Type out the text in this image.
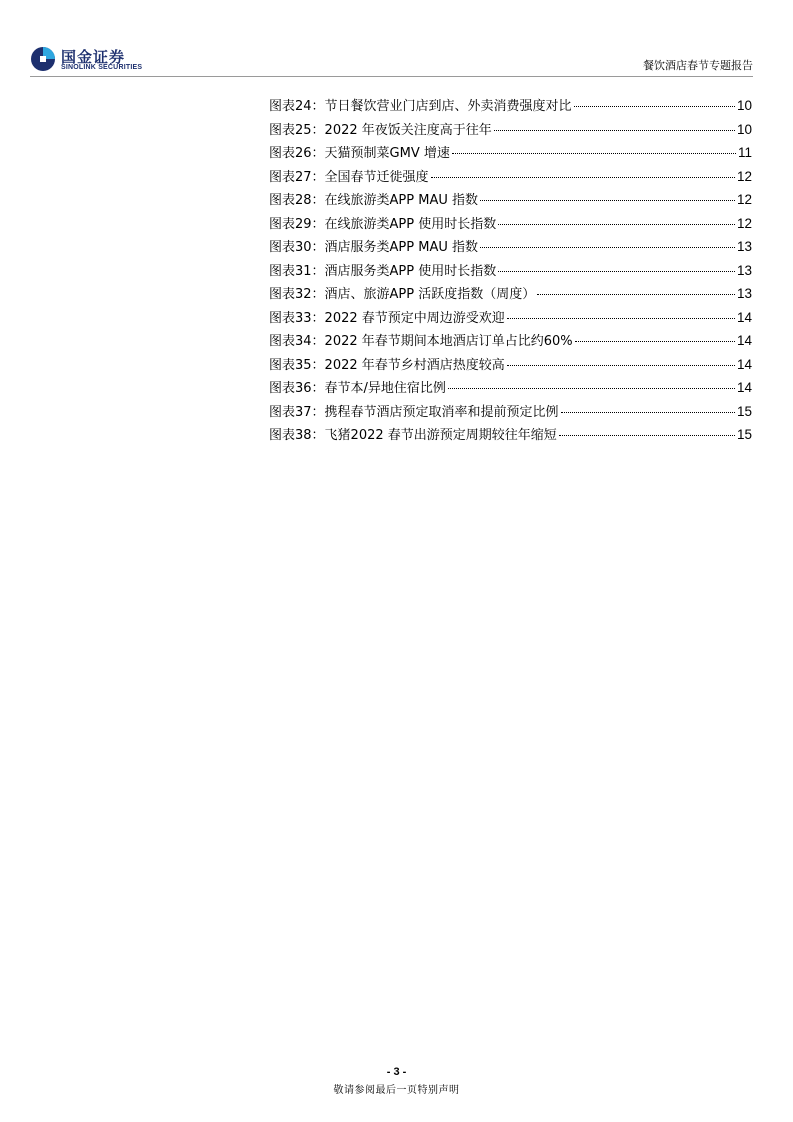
国金证券
SINOLINK SECURITIES	餐饮酒店春节专题报告
图表24：节日餐饮营业门店到店、外卖消费强度对比	10
图表25：2022 年夜饭关注度高于往年	10
图表26：天猫预制菜GMV 增速	11
图表27：全国春节迁徙强度	12
图表28：在线旅游类APP MAU 指数	12
图表29：在线旅游类APP 使用时长指数	12
图表30：酒店服务类APP MAU 指数	13
图表31：酒店服务类APP 使用时长指数	13
图表32：酒店、旅游APP 活跃度指数（周度）	13
图表33：2022 春节预定中周边游受欢迎	14
图表34：2022 年春节期间本地酒店订单占比约60%	14
图表35：2022 年春节乡村酒店热度较高	14
图表36：春节本/异地住宿比例	14
图表37：携程春节酒店预定取消率和提前预定比例	15
图表38：飞猪2022 春节出游预定周期较往年缩短	15
- 3 -
敬请参阅最后一页特别声明
